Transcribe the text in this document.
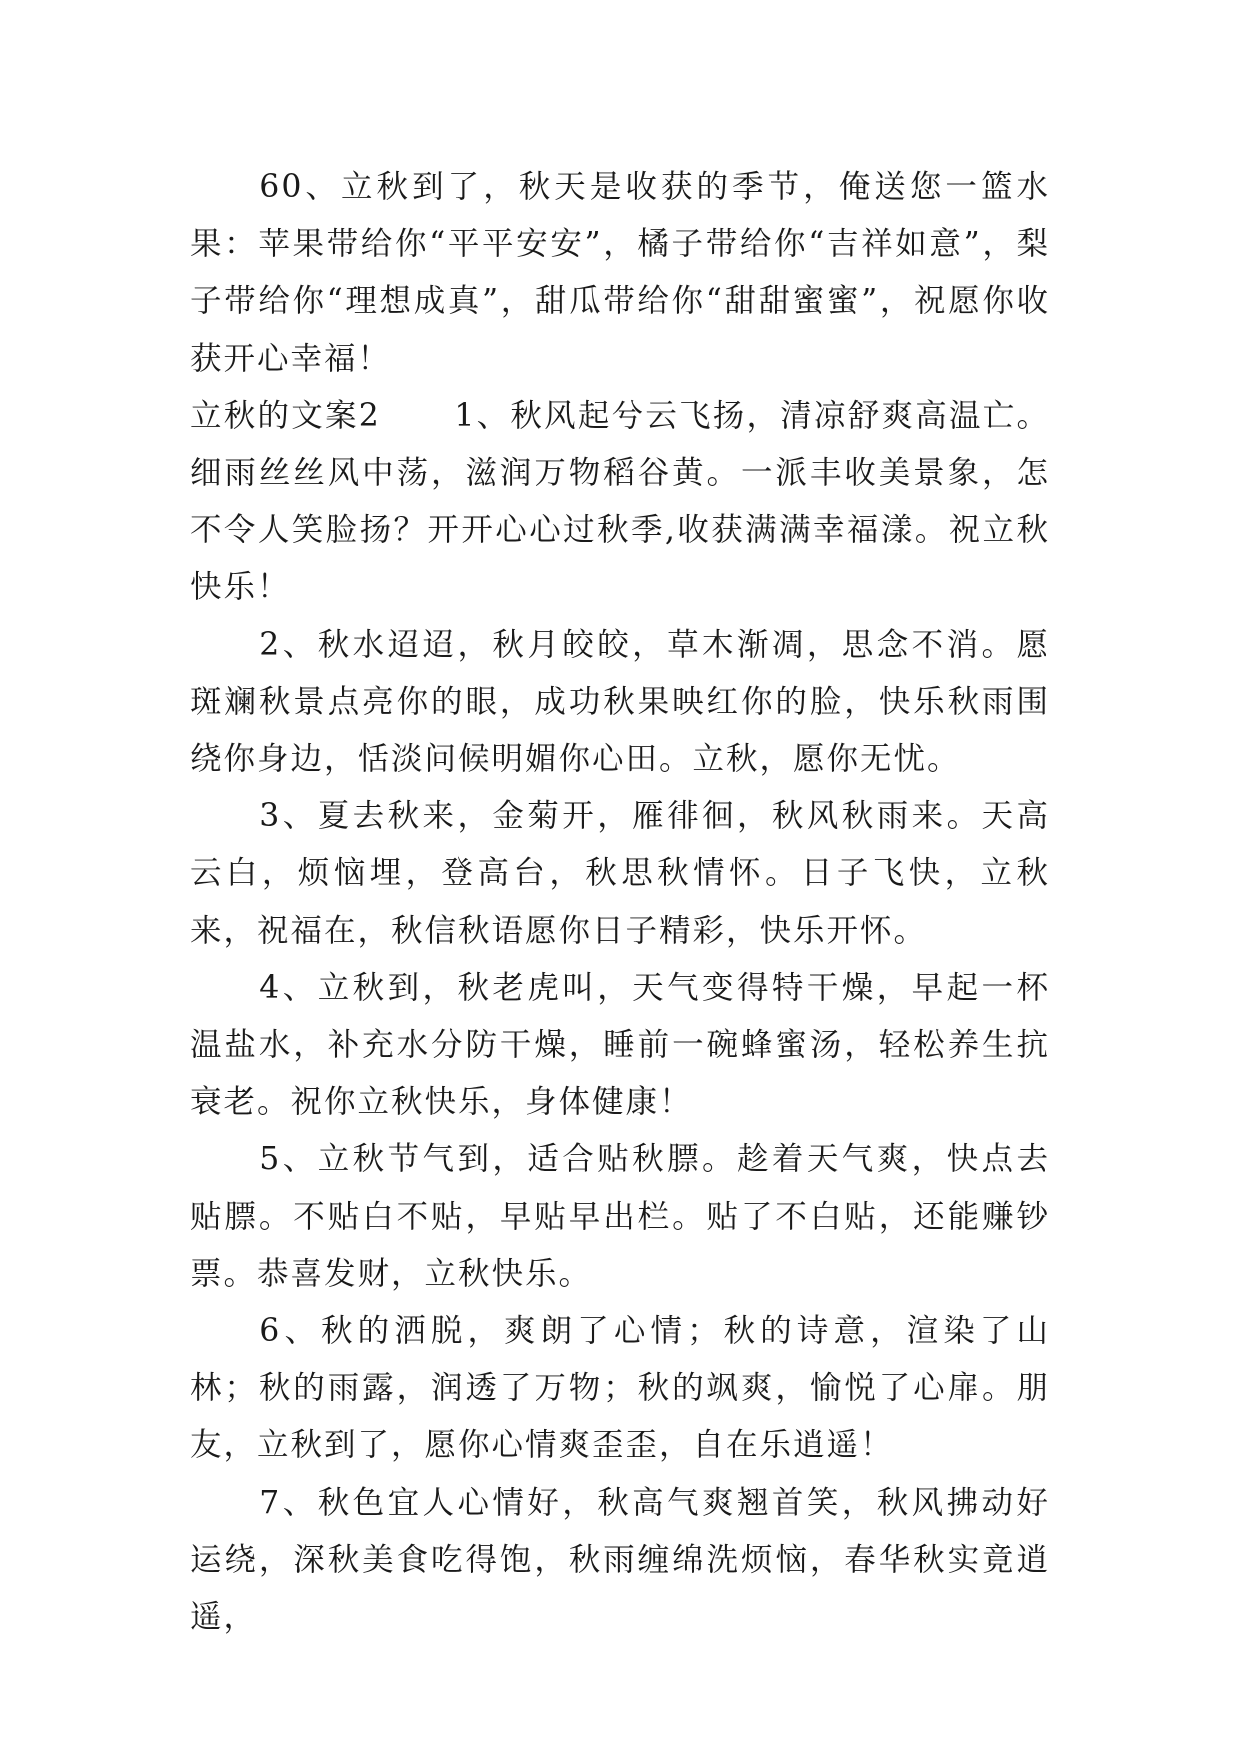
60、立秋到了，秋天是收获的季节，俺送您一篮水果：苹果带给你“平平安安”，橘子带给你“吉祥如意”，梨子带给你“理想成真”，甜瓜带给你“甜甜蜜蜜”，祝愿你收获开心幸福！

立秋的文案2 1、秋风起兮云飞扬，清凉舒爽高温亡。细雨丝丝风中荡，滋润万物稻谷黄。一派丰收美景象，怎不令人笑脸扬？开开心心过秋季,收获满满幸福漾。祝立秋快乐！

2、秋水迢迢，秋月皎皎，草木渐凋，思念不消。愿斑斓秋景点亮你的眼，成功秋果映红你的脸，快乐秋雨围绕你身边，恬淡问候明媚你心田。立秋，愿你无忧。

3、夏去秋来，金菊开，雁徘徊，秋风秋雨来。天高云白，烦恼埋，登高台，秋思秋情怀。日子飞快，立秋来，祝福在，秋信秋语愿你日子精彩，快乐开怀。

4、立秋到，秋老虎叫，天气变得特干燥，早起一杯温盐水，补充水分防干燥，睡前一碗蜂蜜汤，轻松养生抗衰老。祝你立秋快乐，身体健康！

5、立秋节气到，适合贴秋膘。趁着天气爽，快点去贴膘。不贴白不贴，早贴早出栏。贴了不白贴，还能赚钞票。恭喜发财，立秋快乐。

6、秋的洒脱，爽朗了心情；秋的诗意，渲染了山林；秋的雨露，润透了万物；秋的飒爽，愉悦了心扉。朋友，立秋到了，愿你心情爽歪歪，自在乐逍遥！

7、秋色宜人心情好，秋高气爽翘首笑，秋风拂动好运绕，深秋美食吃得饱，秋雨缠绵洗烦恼，春华秋实竟逍遥，
